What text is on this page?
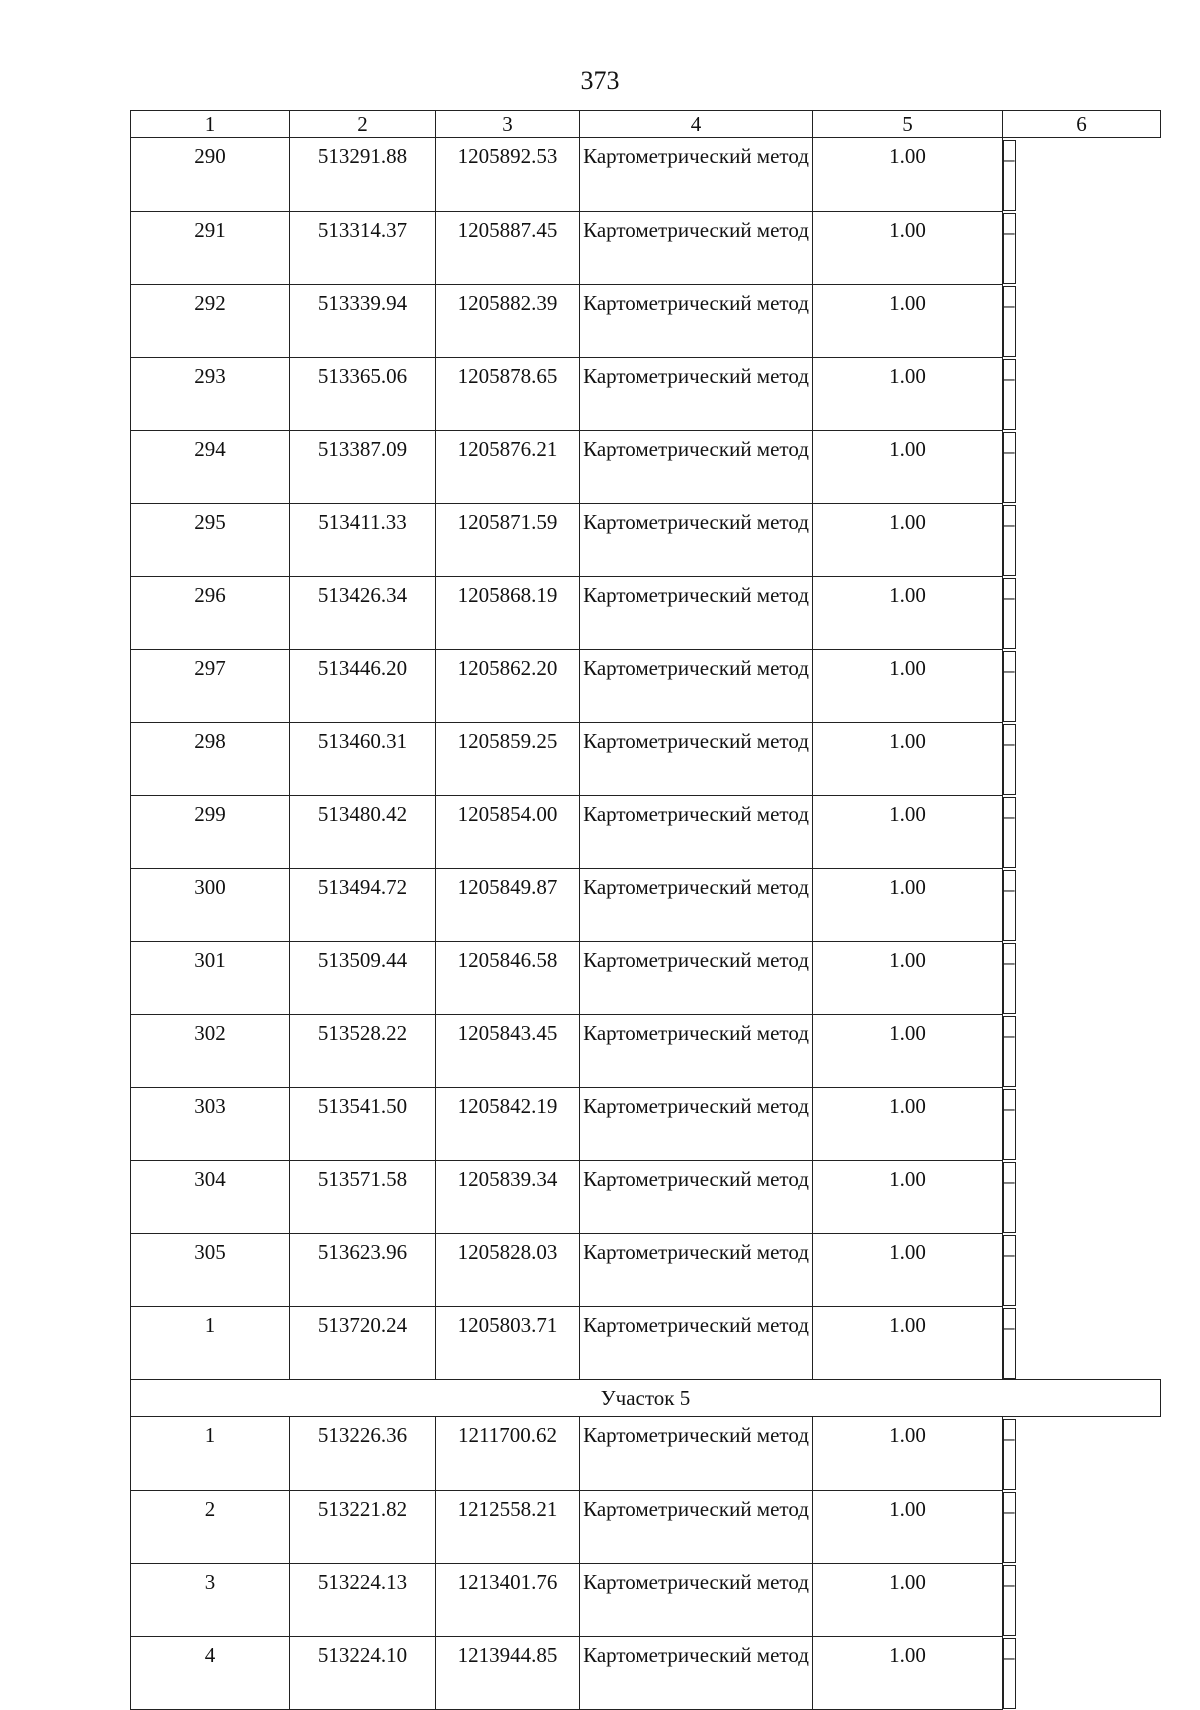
373
1	2	3	4	5	6
290	513291.88	1205892.53	Картометрический метод	1.00		–
291	513314.37	1205887.45	Картометрический метод	1.00		–
292	513339.94	1205882.39	Картометрический метод	1.00		–
293	513365.06	1205878.65	Картометрический метод	1.00		–
294	513387.09	1205876.21	Картометрический метод	1.00		–
295	513411.33	1205871.59	Картометрический метод	1.00		–
296	513426.34	1205868.19	Картометрический метод	1.00		–
297	513446.20	1205862.20	Картометрический метод	1.00		–
298	513460.31	1205859.25	Картометрический метод	1.00		–
299	513480.42	1205854.00	Картометрический метод	1.00		–
300	513494.72	1205849.87	Картометрический метод	1.00		–
301	513509.44	1205846.58	Картометрический метод	1.00		–
302	513528.22	1205843.45	Картометрический метод	1.00		–
303	513541.50	1205842.19	Картометрический метод	1.00		–
304	513571.58	1205839.34	Картометрический метод	1.00		–
305	513623.96	1205828.03	Картометрический метод	1.00		–
1	513720.24	1205803.71	Картометрический метод	1.00		–
Участок 5					
1	513226.36	1211700.62	Картометрический метод	1.00		–
2	513221.82	1212558.21	Картометрический метод	1.00		–
3	513224.13	1213401.76	Картометрический метод	1.00		–
4	513224.10	1213944.85	Картометрический метод	1.00		–
